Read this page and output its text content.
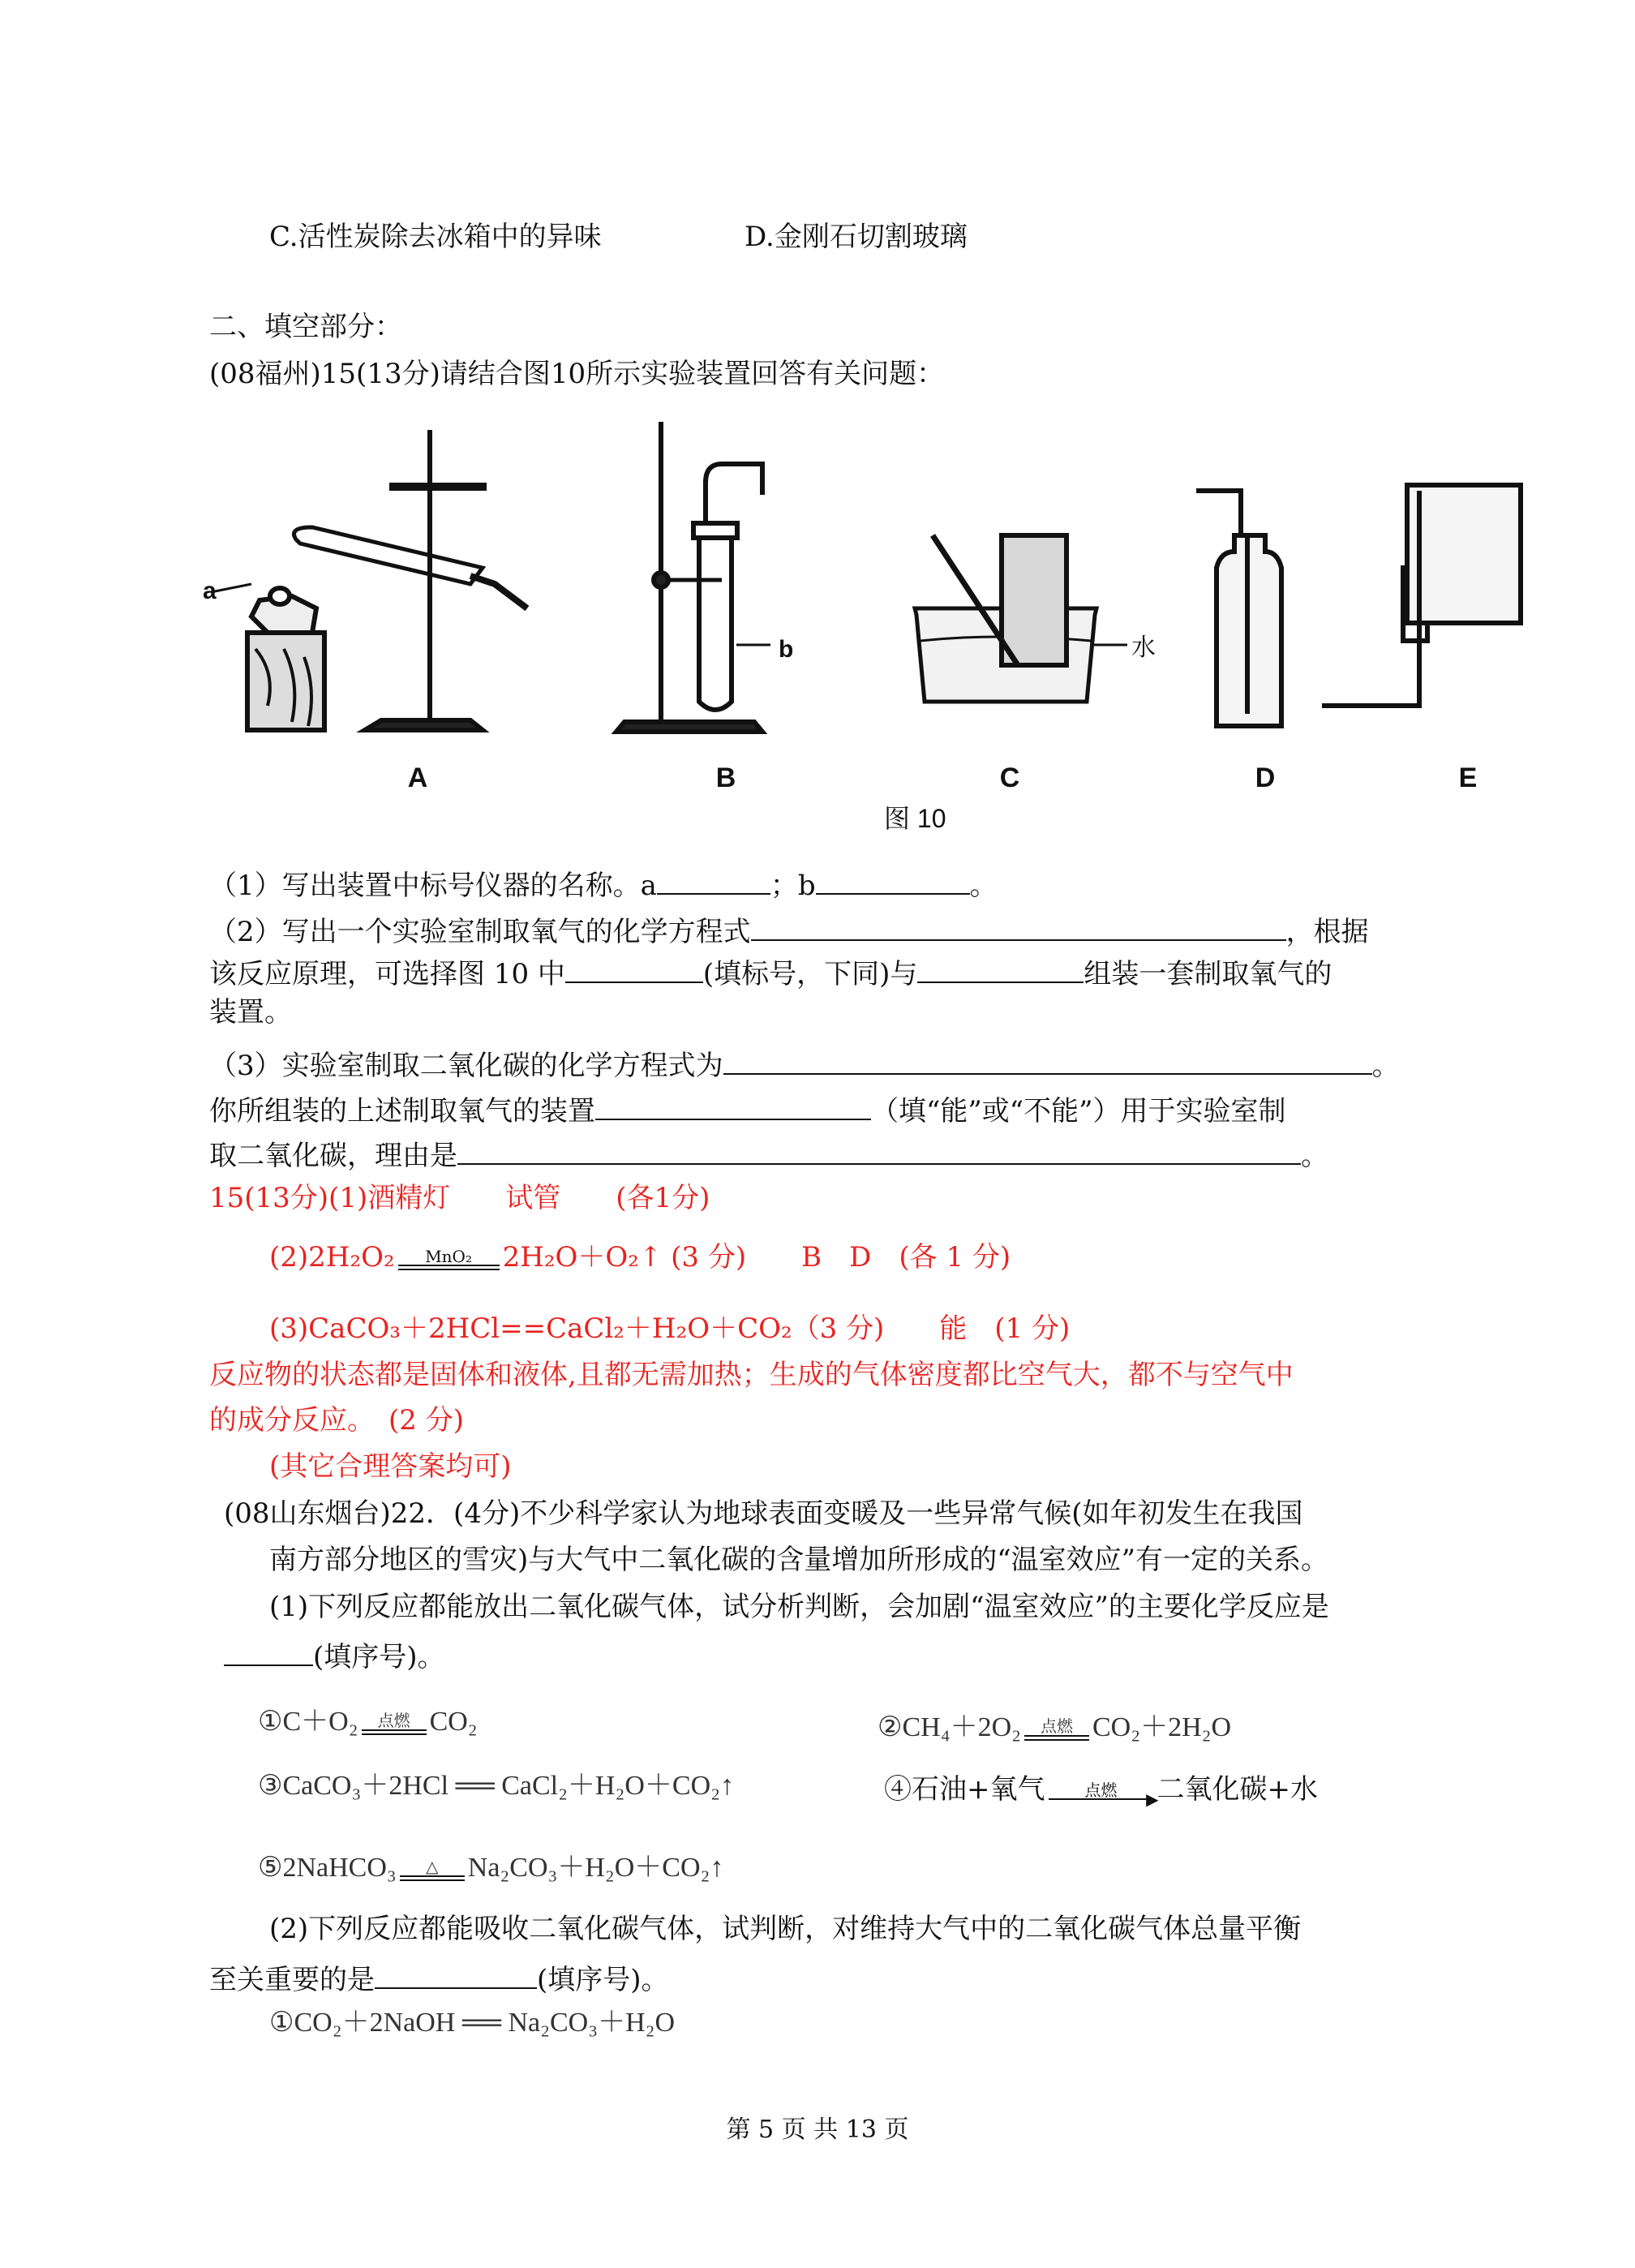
C.活性炭除去冰箱中的异味	D.金刚石切割玻璃
二、填空部分：
(08福州)15(13分)请结合图10所示实验装置回答有关问题：
A	B	C	D	E
a
b	水
图 10
（1）写出装置中标号仪器的名称。a	；b	。
（2）写出一个实验室制取氧气的化学方程式	，根据
该反应原理，可选择图 10 中	(填标号，下同)与	组装一套制取氧气的
装置。
（3）实验室制取二氧化碳的化学方程式为	。
你所组装的上述制取氧气的装置	（填“能”或“不能”）用于实验室制
取二氧化碳，理由是	。
15(13分)(1)酒精灯　　试管　　(各1分)
(2)2H₂O₂	MnO₂	2H₂O＋O₂↑ (3 分)　　B　D　(各 1 分)
(3)CaCO₃＋2HCl==CaCl₂＋H₂O＋CO₂（3 分)　　能　(1 分)
反应物的状态都是固体和液体,且都无需加热；生成的气体密度都比空气大，都不与空气中
的成分反应。　(2 分)
(其它合理答案均可)
(08山东烟台)22．(4分)不少科学家认为地球表面变暖及一些异常气候(如年初发生在我国
南方部分地区的雪灾)与大气中二氧化碳的含量增加所形成的“温室效应”有一定的关系。
(1)下列反应都能放出二氧化碳气体，试分析判断，会加剧“温室效应”的主要化学反应是
(填序号)。
①C＋O₂	点燃 CO₂	②CH₄＋2O₂	点燃 CO₂＋2H₂O
③CaCO₃＋2HCl ══ CaCl₂＋H₂O＋CO₂↑	④石油+氧气	点燃	▶
二氧化碳+水
⑤2NaHCO₃	△	Na₂CO₃＋H₂O＋CO₂↑
(2)下列反应都能吸收二氧化碳气体，试判断，对维持大气中的二氧化碳气体总量平衡
至关重要的是	(填序号)。
①CO₂＋2NaOH ══ Na₂CO₃＋H₂O
第 5 页 共 13 页
